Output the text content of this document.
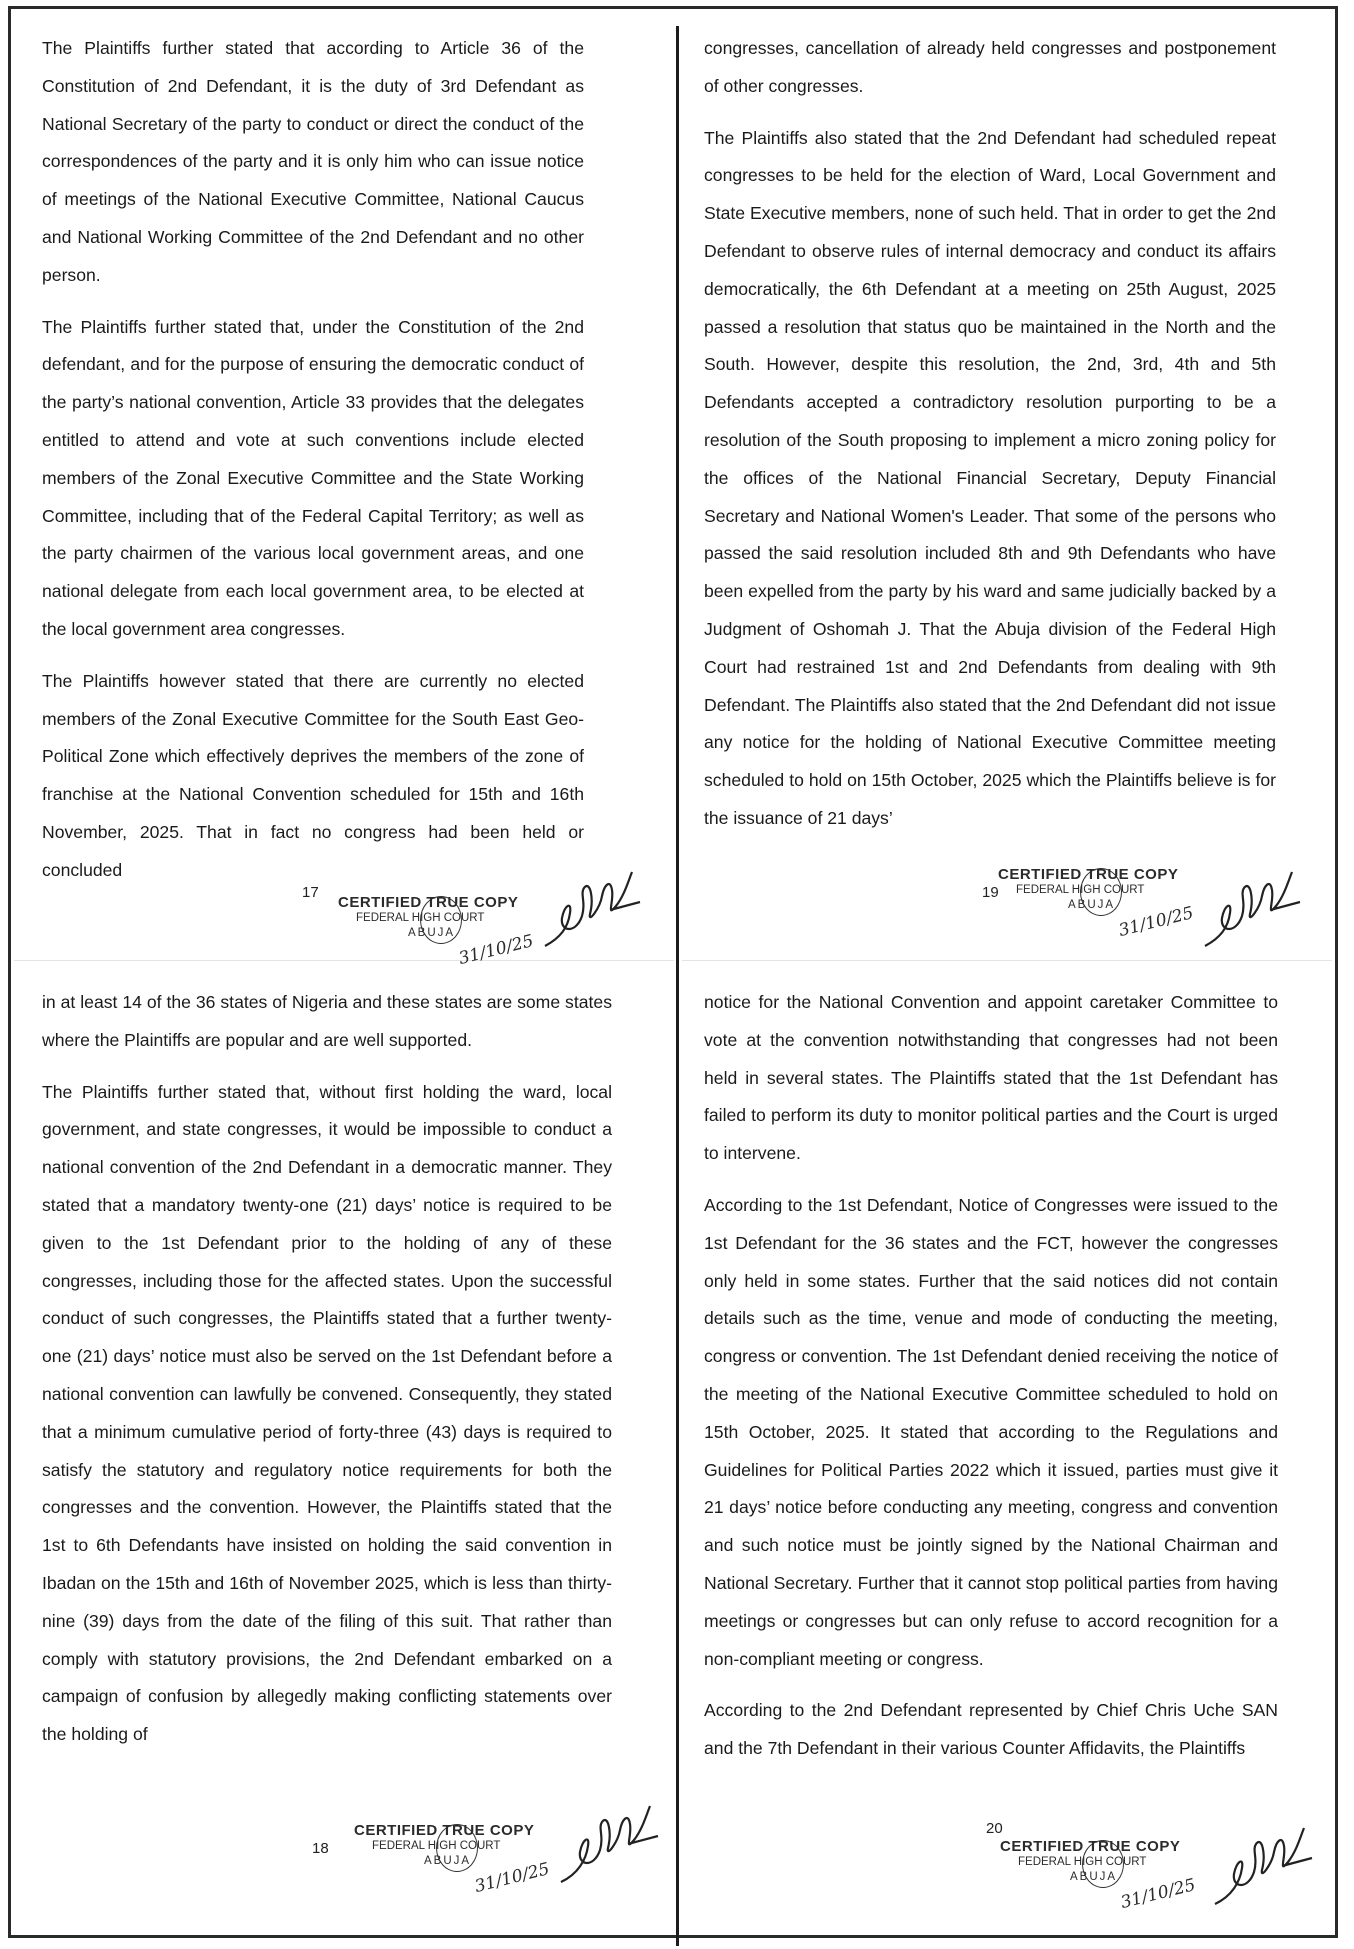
The Plaintiffs further stated that according to Article 36 of the Constitution of 2nd Defendant, it is the duty of 3rd Defendant as National Secretary of the party to conduct or direct the conduct of the correspondences of the party and it is only him who can issue notice of meetings of the National Executive Committee, National Caucus and National Working Committee of the 2nd Defendant and no other person.

The Plaintiffs further stated that, under the Constitution of the 2nd defendant, and for the purpose of ensuring the democratic conduct of the party’s national convention, Article 33 provides that the delegates entitled to attend and vote at such conventions include elected members of the Zonal Executive Committee and the State Working Committee, including that of the Federal Capital Territory; as well as the party chairmen of the various local government areas, and one national delegate from each local government area, to be elected at the local government area congresses.

The Plaintiffs however stated that there are currently no elected members of the Zonal Executive Committee for the South East Geo-Political Zone which effectively deprives the members of the zone of franchise at the National Convention scheduled for 15th and 16th November, 2025. That in fact no congress had been held or concluded

17
CERTIFIED TRUE COPY
FEDERAL HIGH COURT
ABUJA 31/10/25

in at least 14 of the 36 states of Nigeria and these states are some states where the Plaintiffs are popular and are well supported.

The Plaintiffs further stated that, without first holding the ward, local government, and state congresses, it would be impossible to conduct a national convention of the 2nd Defendant in a democratic manner. They stated that a mandatory twenty-one (21) days’ notice is required to be given to the 1st Defendant prior to the holding of any of these congresses, including those for the affected states. Upon the successful conduct of such congresses, the Plaintiffs stated that a further twenty-one (21) days’ notice must also be served on the 1st Defendant before a national convention can lawfully be convened. Consequently, they stated that a minimum cumulative period of forty-three (43) days is required to satisfy the statutory and regulatory notice requirements for both the congresses and the convention. However, the Plaintiffs stated that the 1st to 6th Defendants have insisted on holding the said convention in Ibadan on the 15th and 16th of November 2025, which is less than thirty-nine (39) days from the date of the filing of this suit. That rather than comply with statutory provisions, the 2nd Defendant embarked on a campaign of confusion by allegedly making conflicting statements over the holding of

18
CERTIFIED TRUE COPY
FEDERAL HIGH COURT
ABUJA 31/10/25

congresses, cancellation of already held congresses and postponement of other congresses.

The Plaintiffs also stated that the 2nd Defendant had scheduled repeat congresses to be held for the election of Ward, Local Government and State Executive members, none of such held. That in order to get the 2nd Defendant to observe rules of internal democracy and conduct its affairs democratically, the 6th Defendant at a meeting on 25th August, 2025 passed a resolution that status quo be maintained in the North and the South. However, despite this resolution, the 2nd, 3rd, 4th and 5th Defendants accepted a contradictory resolution purporting to be a resolution of the South proposing to implement a micro zoning policy for the offices of the National Financial Secretary, Deputy Financial Secretary and National Women's Leader. That some of the persons who passed the said resolution included 8th and 9th Defendants who have been expelled from the party by his ward and same judicially backed by a Judgment of Oshomah J. That the Abuja division of the Federal High Court had restrained 1st and 2nd Defendants from dealing with 9th Defendant. The Plaintiffs also stated that the 2nd Defendant did not issue any notice for the holding of National Executive Committee meeting scheduled to hold on 15th October, 2025 which the Plaintiffs believe is for the issuance of 21 days’

19
CERTIFIED TRUE COPY
FEDERAL HIGH COURT
ABUJA 31/10/25

notice for the National Convention and appoint caretaker Committee to vote at the convention notwithstanding that congresses had not been held in several states. The Plaintiffs stated that the 1st Defendant has failed to perform its duty to monitor political parties and the Court is urged to intervene.

According to the 1st Defendant, Notice of Congresses were issued to the 1st Defendant for the 36 states and the FCT, however the congresses only held in some states. Further that the said notices did not contain details such as the time, venue and mode of conducting the meeting, congress or convention. The 1st Defendant denied receiving the notice of the meeting of the National Executive Committee scheduled to hold on 15th October, 2025. It stated that according to the Regulations and Guidelines for Political Parties 2022 which it issued, parties must give it 21 days’ notice before conducting any meeting, congress and convention and such notice must be jointly signed by the National Chairman and National Secretary. Further that it cannot stop political parties from having meetings or congresses but can only refuse to accord recognition for a non-compliant meeting or congress.

According to the 2nd Defendant represented by Chief Chris Uche SAN and the 7th Defendant in their various Counter Affidavits, the Plaintiffs

20
CERTIFIED TRUE COPY
FEDERAL HIGH COURT
ABUJA 31/10/25
